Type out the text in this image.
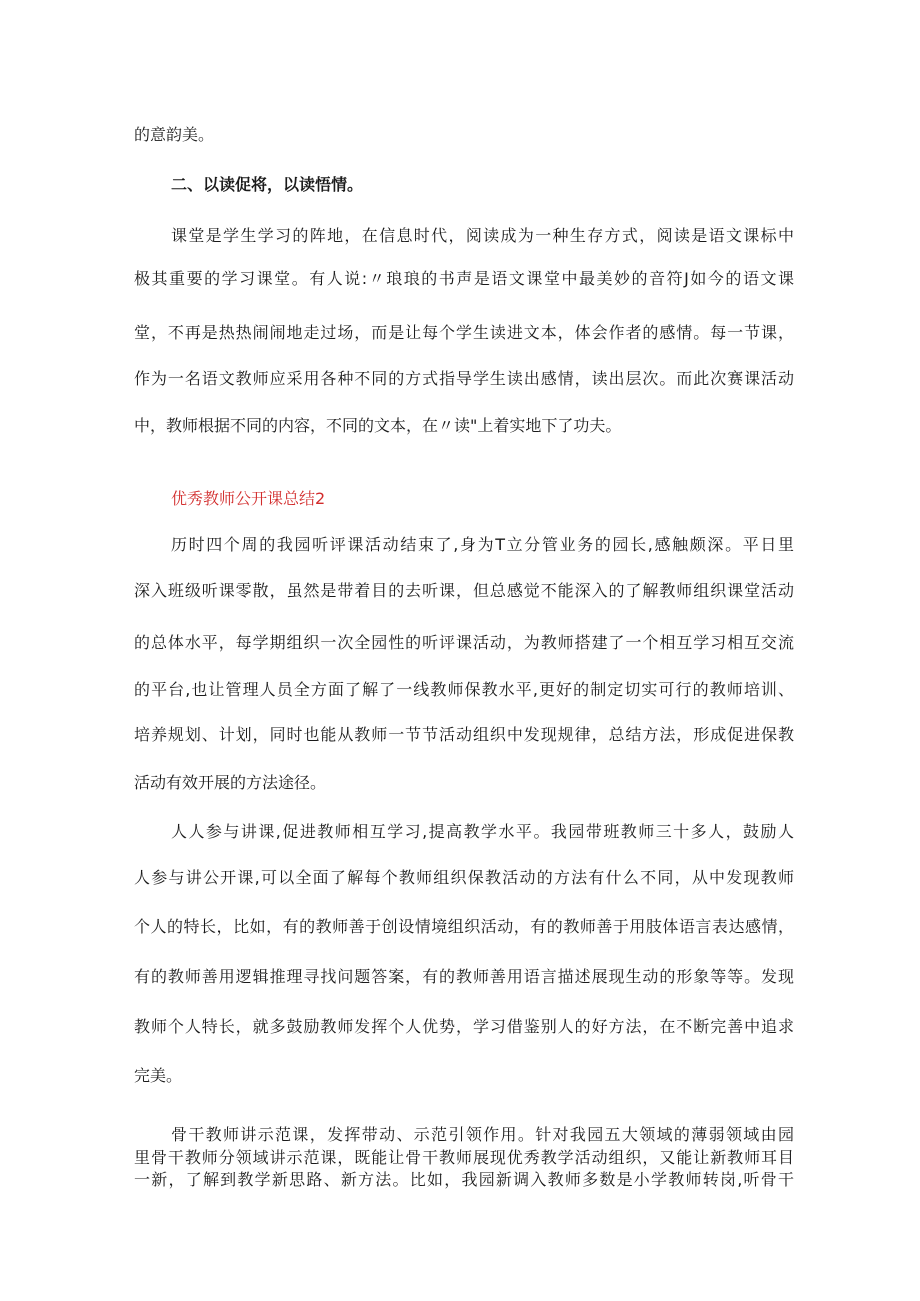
的意韵美。

二、以读促将，以读悟情。

课堂是学生学习的阵地，在信息时代，阅读成为一种生存方式，阅读是语文课标中

极其重要的学习课堂。有人说:〃琅琅的书声是语文课堂中最美妙的音符J如今的语文课

堂，不再是热热闹闹地走过场，而是让每个学生读进文本，体会作者的感情。每一节课，

作为一名语文教师应采用各种不同的方式指导学生读出感情，读出层次。而此次赛课活动

中，教师根据不同的内容，不同的文本，在〃读"上着实地下了功夫。

优秀教师公开课总结2

历时四个周的我园听评课活动结束了,身为T立分管业务的园长,感触颇深。平日里

深入班级听课零散，虽然是带着目的去听课，但总感觉不能深入的了解教师组织课堂活动

的总体水平，每学期组织一次全园性的听评课活动，为教师搭建了一个相互学习相互交流

的平台,也让管理人员全方面了解了一线教师保教水平,更好的制定切实可行的教师培训、

培养规划、计划，同时也能从教师一节节活动组织中发现规律，总结方法，形成促进保教

活动有效开展的方法途径。

人人参与讲课,促进教师相互学习,提高教学水平。我园带班教师三十多人，鼓励人

人参与讲公开课,可以全面了解每个教师组织保教活动的方法有什么不同，从中发现教师

个人的特长，比如，有的教师善于创设情境组织活动，有的教师善于用肢体语言表达感情，

有的教师善用逻辑推理寻找问题答案，有的教师善用语言描述展现生动的形象等等。发现

教师个人特长，就多鼓励教师发挥个人优势，学习借鉴别人的好方法，在不断完善中追求

完美。

骨干教师讲示范课，发挥带动、示范引领作用。针对我园五大领域的薄弱领域由园

里骨干教师分领域讲示范课，既能让骨干教师展现优秀教学活动组织，又能让新教师耳目

一新，了解到教学新思路、新方法。比如，我园新调入教师多数是小学教师转岗,听骨干
